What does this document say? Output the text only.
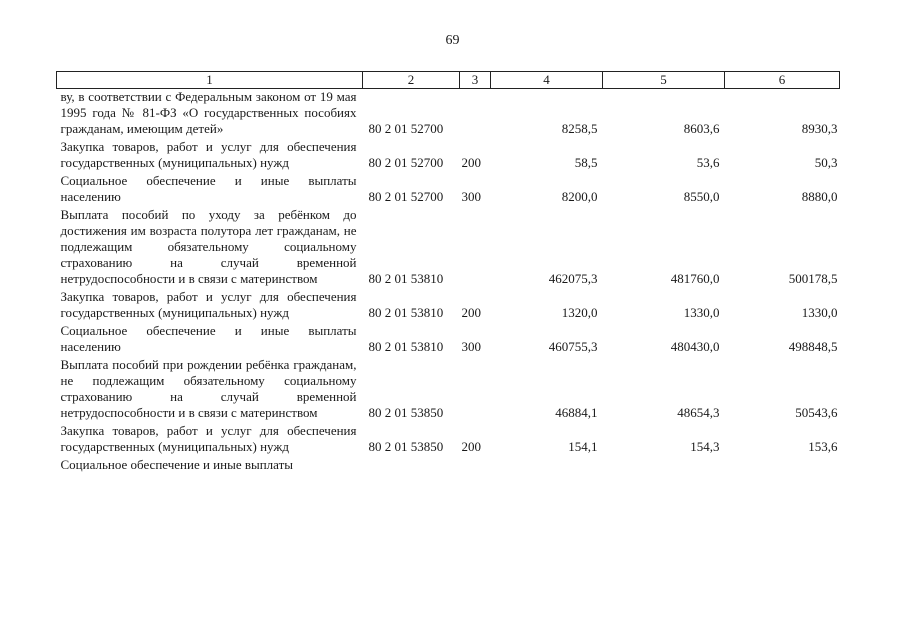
69
1	2	3	4	5	6
ву, в соответствии с Федеральным законом от 19 мая 1995 года № 81-ФЗ «О государственных пособиях гражданам, имеющим детей»	80 2 01 52700		8258,5	8603,6	8930,3
Закупка товаров, работ и услуг для обеспечения государственных (муниципальных) нужд	80 2 01 52700	200	58,5	53,6	50,3
Социальное обеспечение и иные выплаты населению	80 2 01 52700	300	8200,0	8550,0	8880,0
Выплата пособий по уходу за ребёнком до достижения им возраста полутора лет гражданам, не подлежащим обязательному социальному страхованию на случай временной нетрудоспособности и в связи с материнством	80 2 01 53810		462075,3	481760,0	500178,5
Закупка товаров, работ и услуг для обеспечения государственных (муниципальных) нужд	80 2 01 53810	200	1320,0	1330,0	1330,0
Социальное обеспечение и иные выплаты населению	80 2 01 53810	300	460755,3	480430,0	498848,5
Выплата пособий при рождении ребёнка гражданам, не подлежащим обязательному социальному страхованию на случай временной нетрудоспособности и в связи с материнством	80 2 01 53850		46884,1	48654,3	50543,6
Закупка товаров, работ и услуг для обеспечения государственных (муниципальных) нужд	80 2 01 53850	200	154,1	154,3	153,6
Социальное обеспечение и иные выплаты					
